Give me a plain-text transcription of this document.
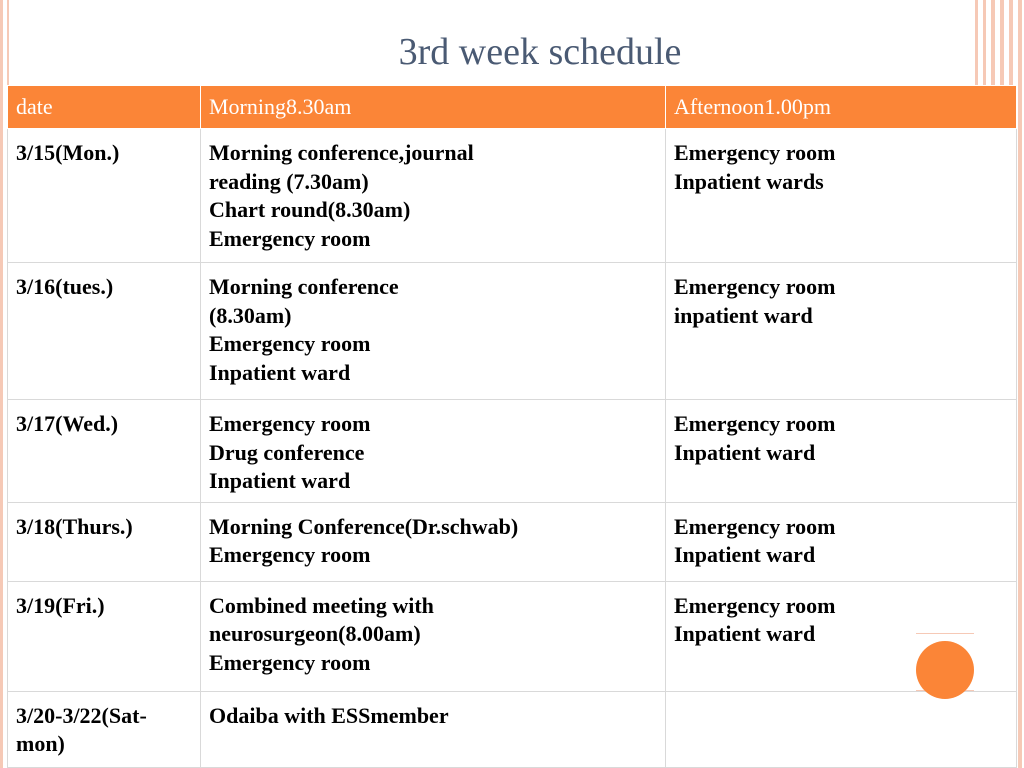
3rd week schedule
date	Morning8.30am	Afternoon1.00pm

3/15(Mon.)	Morning conference,journal
reading (7.30am)
Chart round(8.30am)
Emergency room	Emergency room
Inpatient wards

3/16(tues.)	Morning conference
(8.30am)
Emergency room
Inpatient ward	Emergency room
inpatient ward

3/17(Wed.)	Emergency room
Drug conference
Inpatient ward	Emergency room
Inpatient ward

3/18(Thurs.)	Morning Conference(Dr.schwab)
Emergency room	Emergency room
Inpatient ward

3/19(Fri.)	Combined meeting with
neurosurgeon(8.00am)
Emergency room	Emergency room
Inpatient ward

3/20-3/22(Sat-
mon)	Odaiba with ESSmember	
